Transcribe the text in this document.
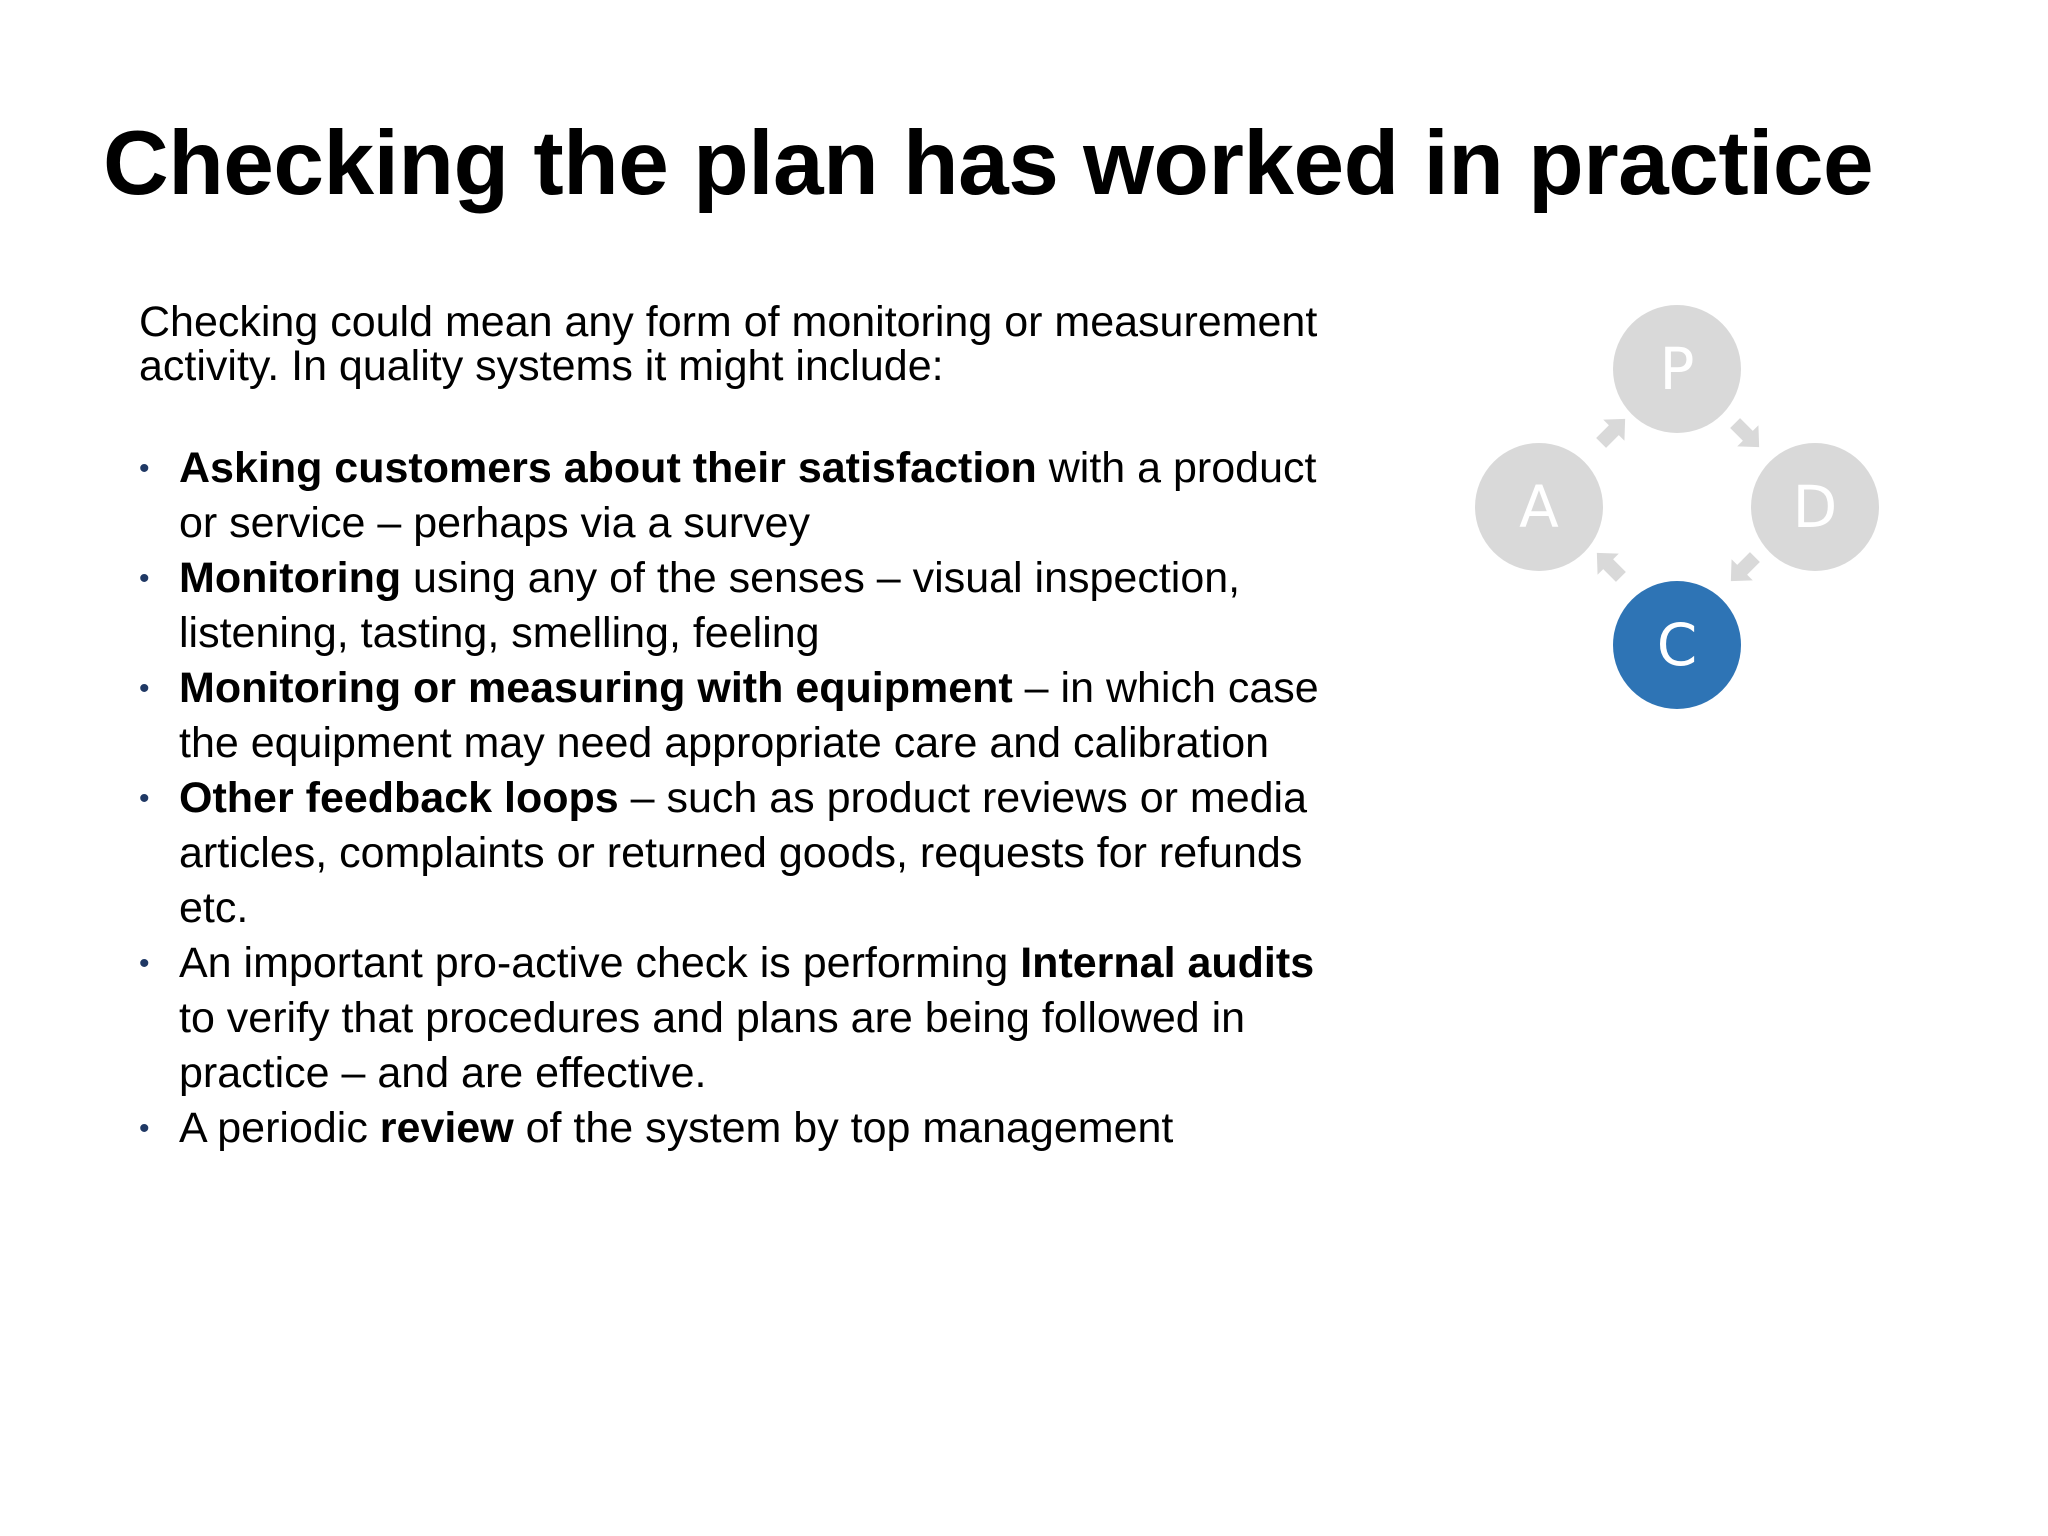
Checking the plan has worked in practice

Checking could mean any form of monitoring or measurement activity. In quality systems it might include:

• Asking customers about their satisfaction with a product or service – perhaps via a survey
• Monitoring using any of the senses – visual inspection, listening, tasting, smelling, feeling
• Monitoring or measuring with equipment – in which case the equipment may need appropriate care and calibration
• Other feedback loops – such as product reviews or media articles, complaints or returned goods, requests for refunds etc.
• An important pro-active check is performing Internal audits to verify that procedures and plans are being followed in practice – and are effective.
• A periodic review of the system by top management
P
D
C
A
